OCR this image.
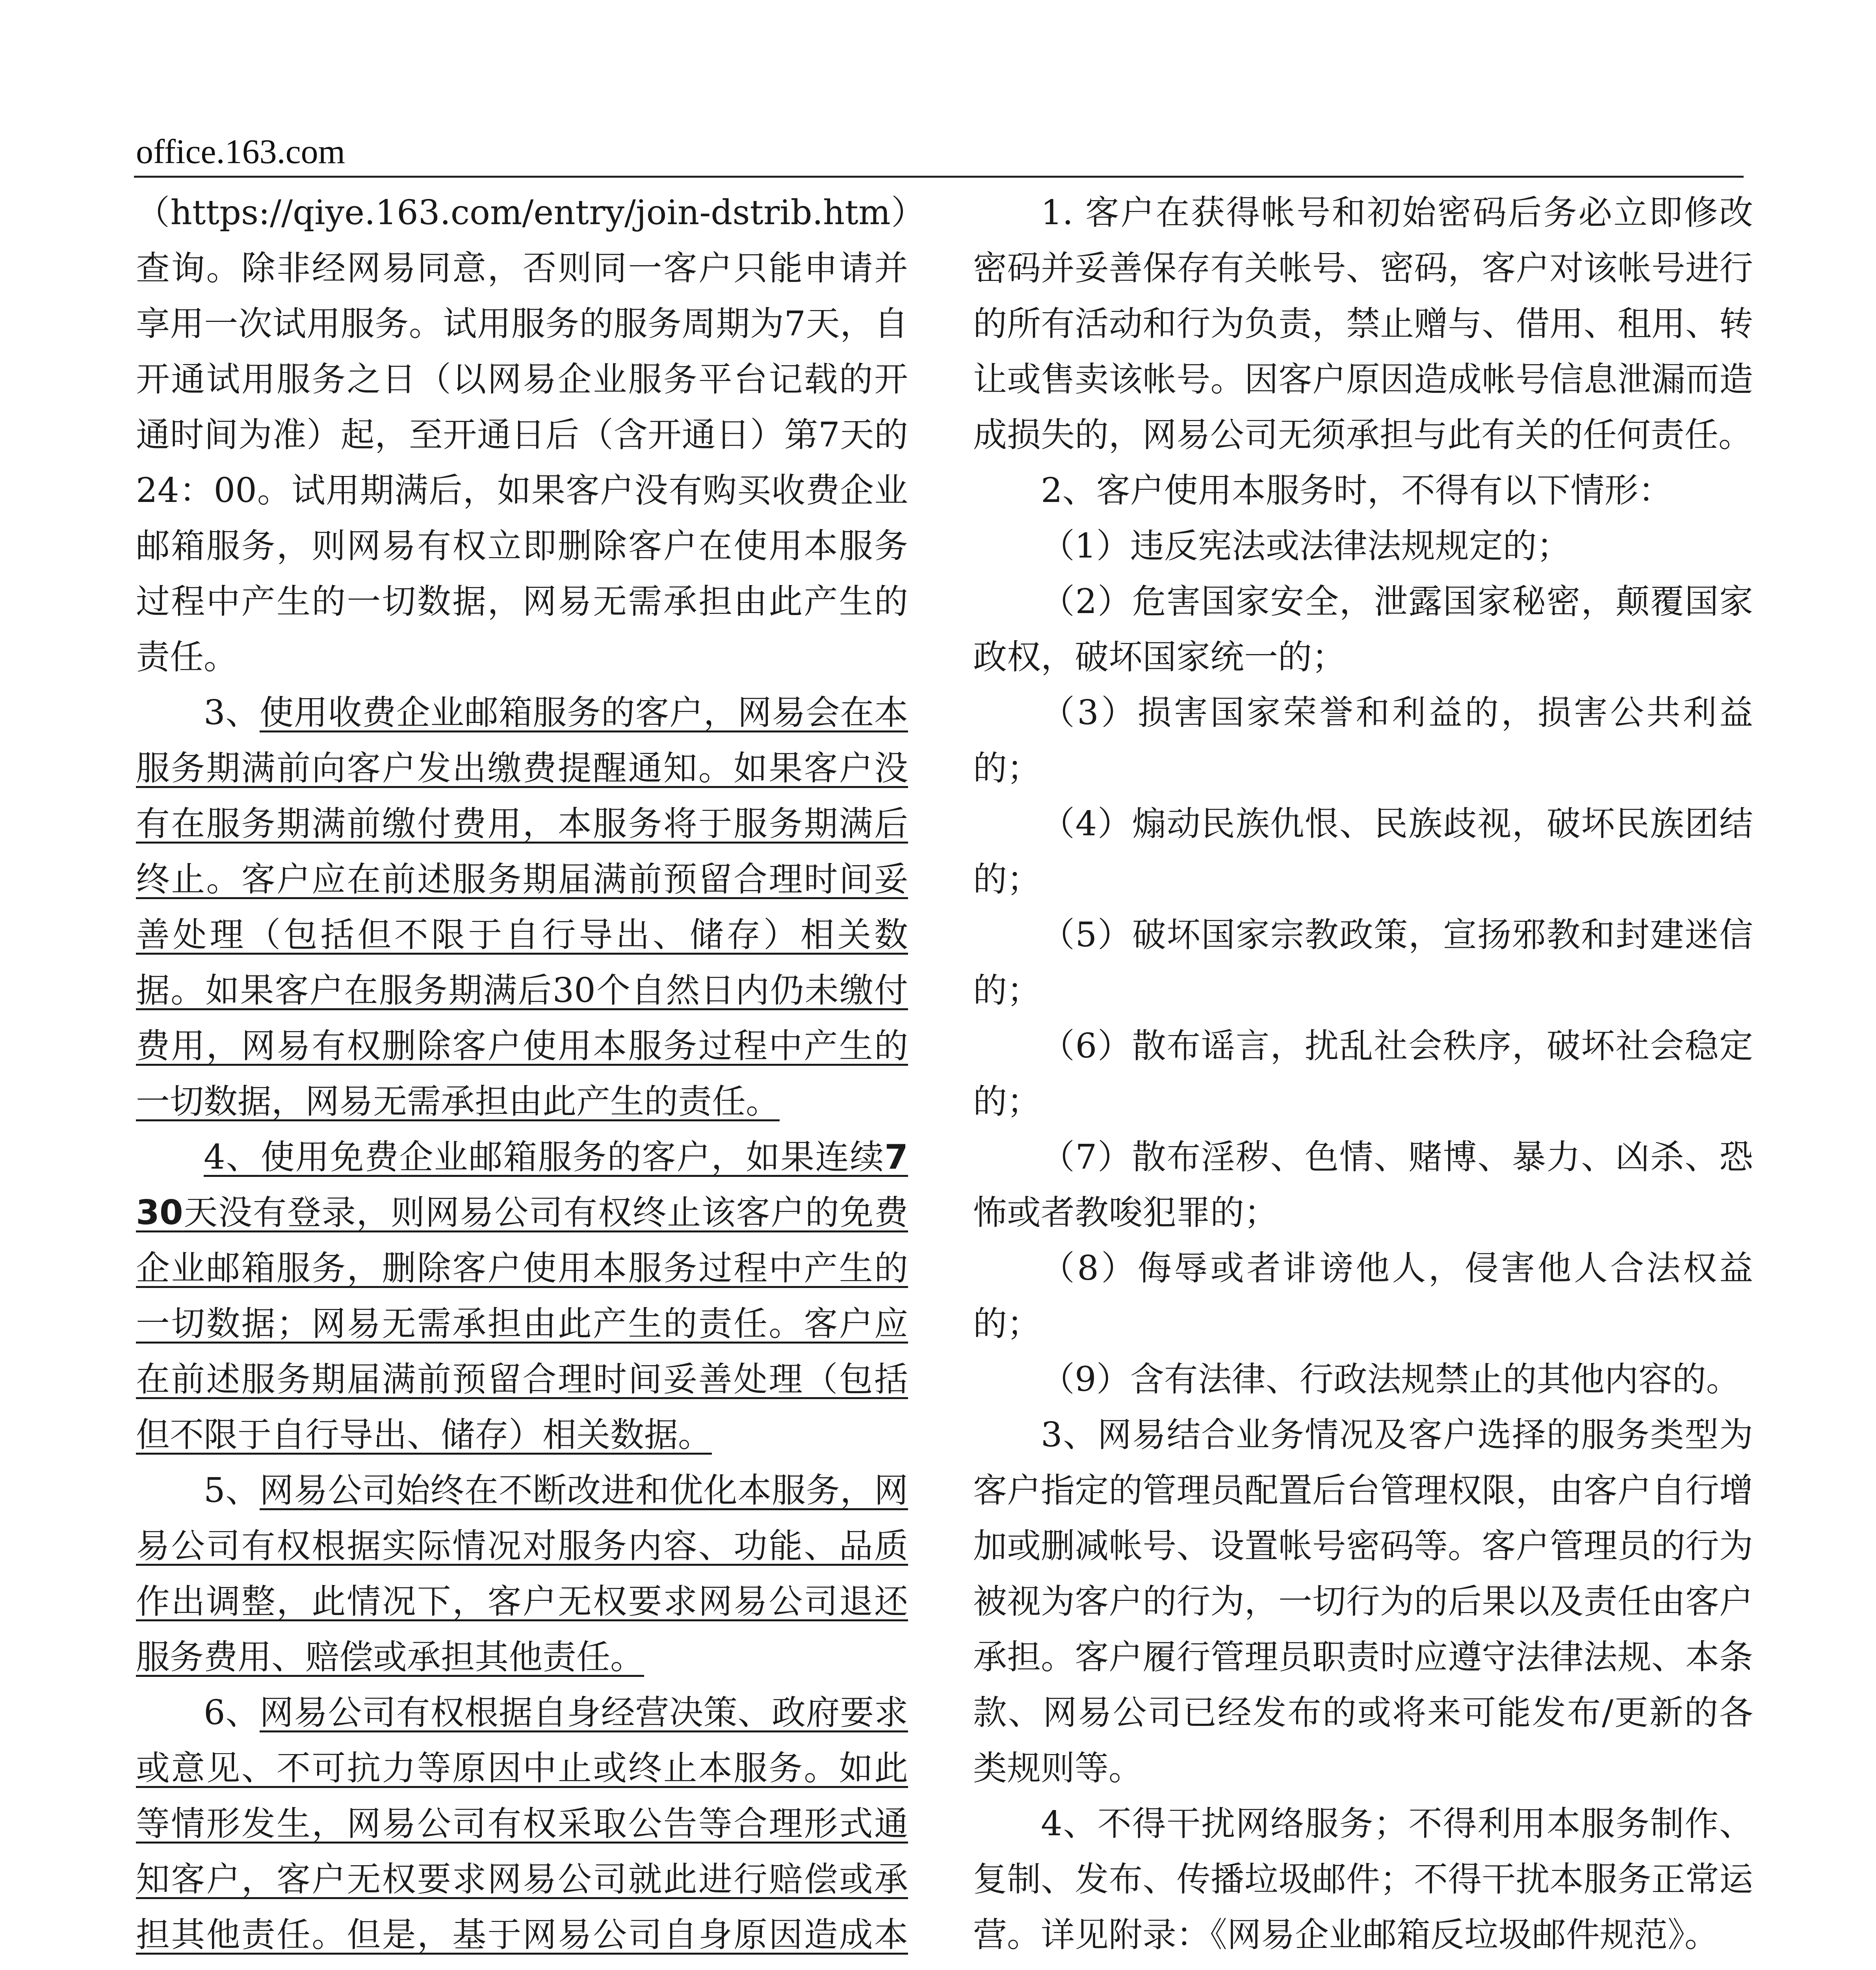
office.163.com

（https://qiye.163.com/entry/join-dstrib.htm）查询。除非经网易同意，否则同一客户只能申请并享用一次试用服务。试用服务的服务周期为7天，自开通试用服务之日（以网易企业服务平台记载的开通时间为准）起，至开通日后（含开通日）第7天的24：00。试用期满后，如果客户没有购买收费企业邮箱服务，则网易有权立即删除客户在使用本服务过程中产生的一切数据，网易无需承担由此产生的责任。

3、使用收费企业邮箱服务的客户，网易会在本服务期满前向客户发出缴费提醒通知。如果客户没有在服务期满前缴付费用，本服务将于服务期满后终止。客户应在前述服务期届满前预留合理时间妥善处理（包括但不限于自行导出、储存）相关数据。如果客户在服务期满后30个自然日内仍未缴付费用，网易有权删除客户使用本服务过程中产生的一切数据，网易无需承担由此产生的责任。

4、使用免费企业邮箱服务的客户，如果连续730天没有登录，则网易公司有权终止该客户的免费企业邮箱服务，删除客户使用本服务过程中产生的一切数据；网易无需承担由此产生的责任。客户应在前述服务期届满前预留合理时间妥善处理（包括但不限于自行导出、储存）相关数据。

5、网易公司始终在不断改进和优化本服务，网易公司有权根据实际情况对服务内容、功能、品质作出调整，此情况下，客户无权要求网易公司退还服务费用、赔偿或承担其他责任。

6、网易公司有权根据自身经营决策、政府要求或意见、不可抗力等原因中止或终止本服务。如此等情形发生，网易公司有权采取公告等合理形式通知客户，客户无权要求网易公司就此进行赔偿或承担其他责任。但是，基于网易公司自身原因造成本

1. 客户在获得帐号和初始密码后务必立即修改密码并妥善保存有关帐号、密码，客户对该帐号进行的所有活动和行为负责，禁止赠与、借用、租用、转让或售卖该帐号。因客户原因造成帐号信息泄漏而造成损失的，网易公司无须承担与此有关的任何责任。

2、客户使用本服务时，不得有以下情形：

（1）违反宪法或法律法规规定的；

（2）危害国家安全，泄露国家秘密，颠覆国家政权，破坏国家统一的；

（3）损害国家荣誉和利益的，损害公共利益的；

（4）煽动民族仇恨、民族歧视，破坏民族团结的；

（5）破坏国家宗教政策，宣扬邪教和封建迷信的；

（6）散布谣言，扰乱社会秩序，破坏社会稳定的；

（7）散布淫秽、色情、赌博、暴力、凶杀、恐怖或者教唆犯罪的；

（8）侮辱或者诽谤他人，侵害他人合法权益的；

（9）含有法律、行政法规禁止的其他内容的。

3、网易结合业务情况及客户选择的服务类型为客户指定的管理员配置后台管理权限，由客户自行增加或删减帐号、设置帐号密码等。客户管理员的行为被视为客户的行为，一切行为的后果以及责任由客户承担。客户履行管理员职责时应遵守法律法规、本条款、网易公司已经发布的或将来可能发布/更新的各类规则等。

4、不得干扰网络服务；不得利用本服务制作、复制、发布、传播垃圾邮件；不得干扰本服务正常运营。详见附录：《网易企业邮箱反垃圾邮件规范》。
